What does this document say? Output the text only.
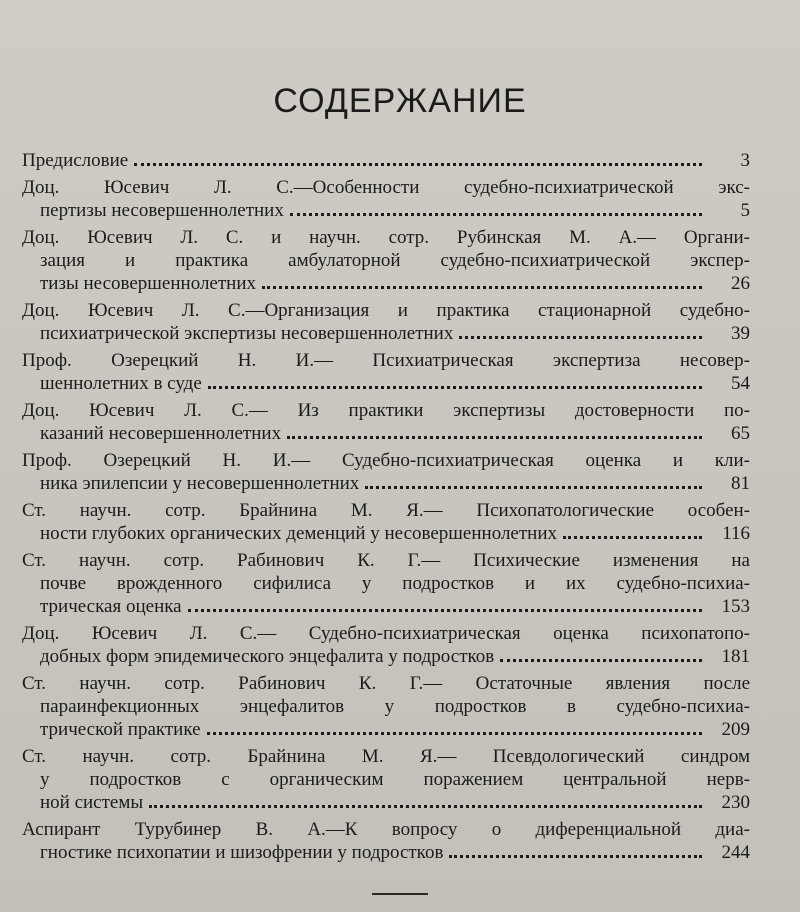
СОДЕРЖАНИЕ
Предисловие	3
Доц. Юсевич Л. С.—Особенности судебно-психиатрической экс-
пертизы несовершеннолетних	5
Доц. Юсевич Л. С. и научн. сотр. Рубинская М. А.— Органи-
зация и практика амбулаторной судебно-психиатрической экспер-
тизы несовершеннолетних	26
Доц. Юсевич Л. С.—Организация и практика стационарной судебно-
психиатрической экспертизы несовершеннолетних	39
Проф. Озерецкий Н. И.— Психиатрическая экспертиза несовер-
шеннолетних в суде	54
Доц. Юсевич Л. С.— Из практики экспертизы достоверности по-
казаний несовершеннолетних	65
Проф. Озерецкий Н. И.— Судебно-психиатрическая оценка и кли-
ника эпилепсии у несовершеннолетних	81
Ст. научн. сотр. Брайнина М. Я.— Психопатологические особен-
ности глубоких органических деменций у несовершеннолетних	116
Ст. научн. сотр. Рабинович К. Г.— Психические изменения на
почве врожденного сифилиса у подростков и их судебно-психиа-
трическая оценка	153
Доц. Юсевич Л. С.— Судебно-психиатрическая оценка психопатопо-
добных форм эпидемического энцефалита у подростков	181
Ст. научн. сотр. Рабинович К. Г.— Остаточные явления после
параинфекционных энцефалитов у подростков в судебно-психиа-
трической практике	209
Ст. научн. сотр. Брайнина М. Я.— Псевдологический синдром
у подростков с органическим поражением центральной нерв-
ной системы	230
Аспирант Турубинер В. А.—К вопросу о диференциальной диа-
гностике психопатии и шизофрении у подростков	244
